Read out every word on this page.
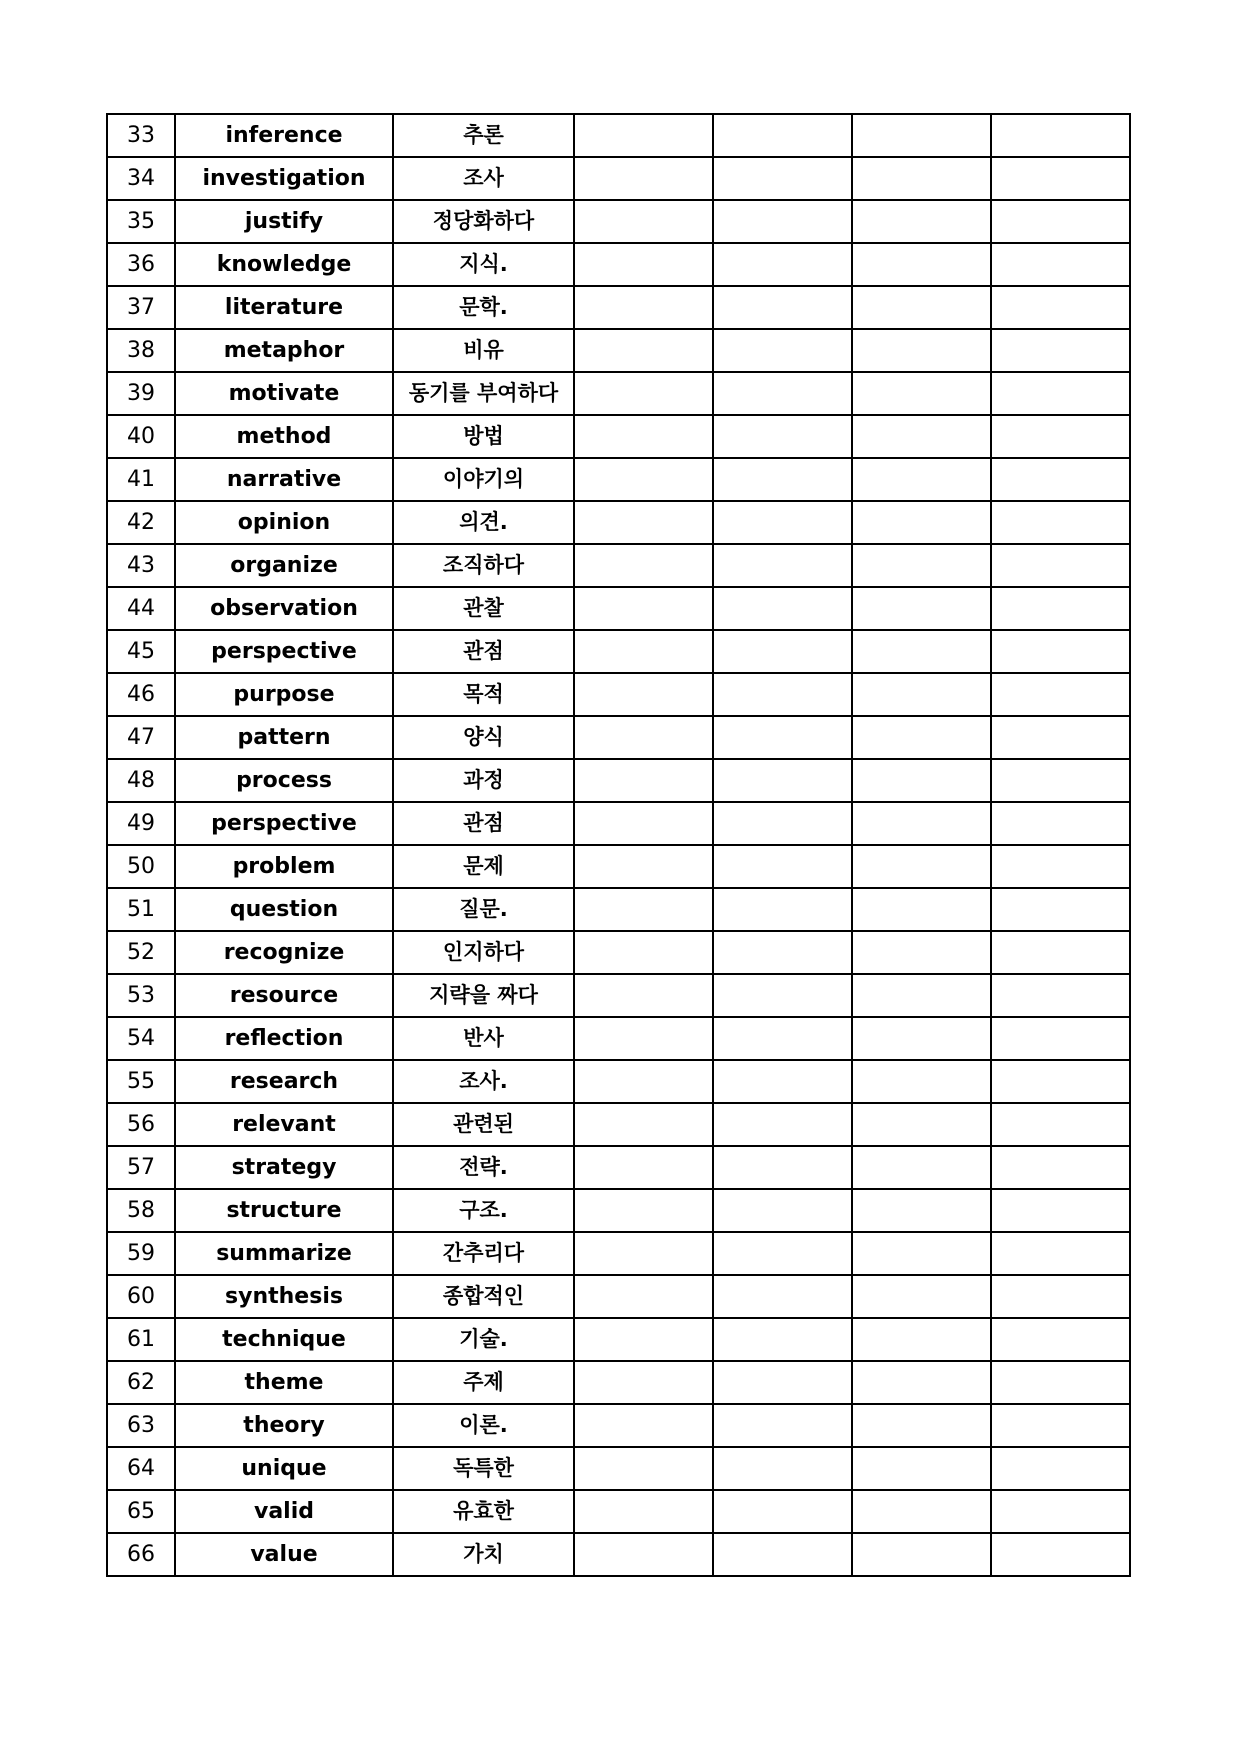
33	inference	추론				
34	investigation	조사				
35	justify	정당화하다				
36	knowledge	지식.				
37	literature	문학.				
38	metaphor	비유				
39	motivate	동기를 부여하다				
40	method	방법				
41	narrative	이야기의				
42	opinion	의견.				
43	organize	조직하다				
44	observation	관찰				
45	perspective	관점				
46	purpose	목적				
47	pattern	양식				
48	process	과정				
49	perspective	관점				
50	problem	문제				
51	question	질문.				
52	recognize	인지하다				
53	resource	지략을 짜다				
54	reflection	반사				
55	research	조사.				
56	relevant	관련된				
57	strategy	전략.				
58	structure	구조.				
59	summarize	간추리다				
60	synthesis	종합적인				
61	technique	기술.				
62	theme	주제				
63	theory	이론.				
64	unique	독특한				
65	valid	유효한				
66	value	가치				
